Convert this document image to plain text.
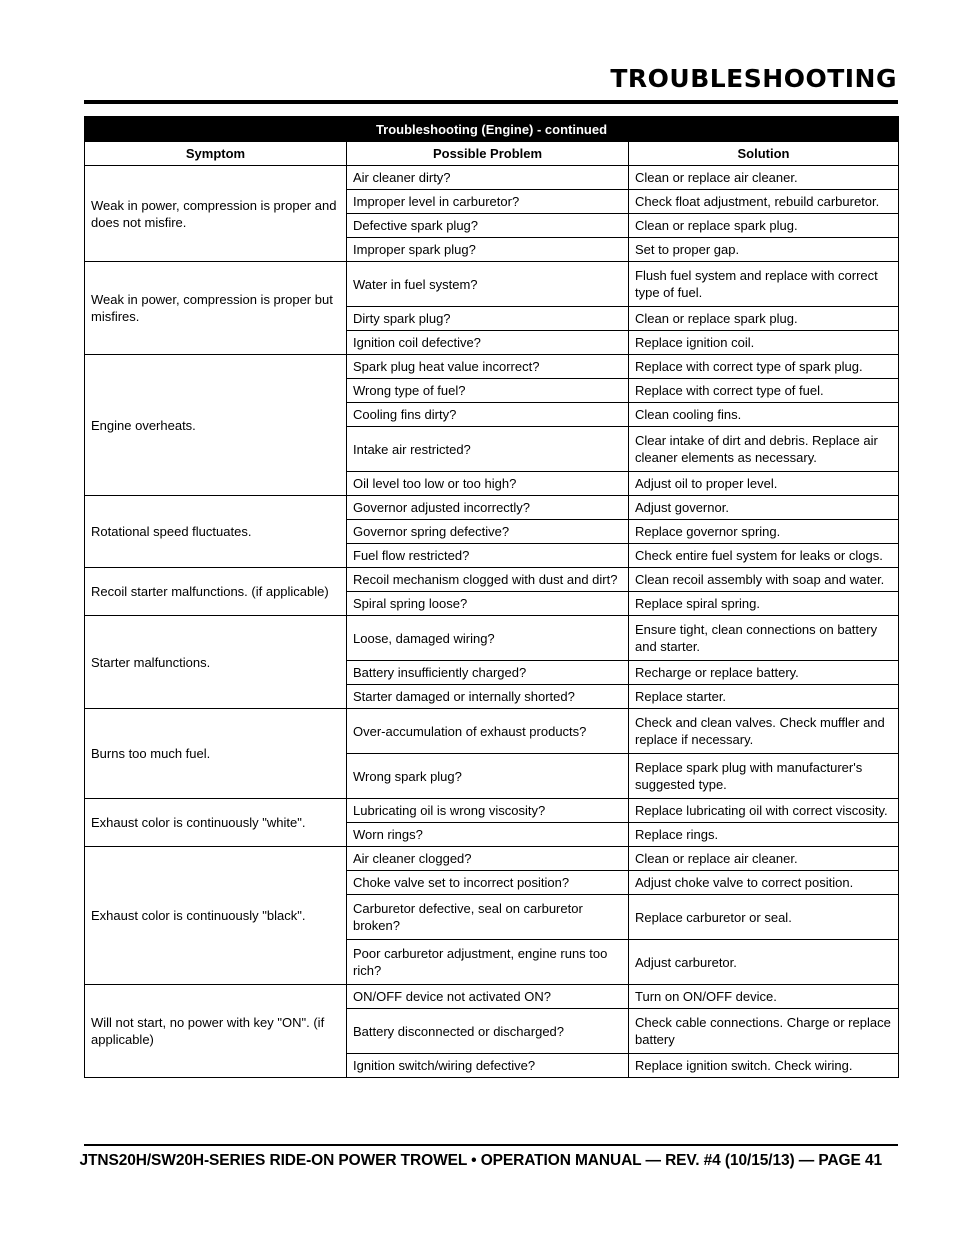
TROUBLESHOOTING
Troubleshooting (Engine) - continued		
Symptom	Possible Problem	Solution
Weak in power, compression is proper and does not misfire.	Air cleaner dirty?	Clean or replace air cleaner.
	Improper level in carburetor?	Check float adjustment, rebuild carburetor.
	Defective spark plug?	Clean or replace spark plug.
	Improper spark plug?	Set to proper gap.
Weak in power, compression is proper but misfires.	Water in fuel system?	Flush fuel system and replace with correct type of fuel.
	Dirty spark plug?	Clean or replace spark plug.
	Ignition coil defective?	Replace ignition coil.
Engine overheats.	Spark plug heat value incorrect?	Replace with correct type of spark plug.
	Wrong type of fuel?	Replace with correct type of fuel.
	Cooling fins dirty?	Clean cooling fins.
	Intake air restricted?	Clear intake of dirt and debris. Replace air cleaner elements as necessary.
	Oil level too low or too high?	Adjust oil to proper level.
Rotational speed fluctuates.	Governor adjusted incorrectly?	Adjust governor.
	Governor spring defective?	Replace governor spring.
	Fuel flow restricted?	Check entire fuel system for leaks or clogs.
Recoil starter malfunctions. (if applicable)	Recoil mechanism clogged with dust and dirt?	Clean recoil assembly with soap and water.
	Spiral spring loose?	Replace spiral spring.
Starter malfunctions.	Loose, damaged wiring?	Ensure tight, clean connections on battery and starter.
	Battery insufficiently charged?	Recharge or replace battery.
	Starter damaged or internally shorted?	Replace starter.
Burns too much fuel.	Over-accumulation of exhaust products?	Check and clean valves. Check muffler and replace if necessary.
	Wrong spark plug?	Replace spark plug with manufacturer's suggested type.
Exhaust color is continuously "white".	Lubricating oil is wrong viscosity?	Replace lubricating oil with correct viscosity.
	Worn rings?	Replace rings.
Exhaust color is continuously "black".	Air cleaner clogged?	Clean or replace air cleaner.
	Choke valve set to incorrect position?	Adjust choke valve to correct position.
	Carburetor defective, seal on carburetor broken?	Replace carburetor or seal.
	Poor carburetor adjustment, engine runs too rich?	Adjust carburetor.
Will not start, no power with key "ON". (if applicable)	ON/OFF device not activated ON?	Turn on ON/OFF device.
	Battery disconnected or discharged?	Check cable connections. Charge or replace battery
	Ignition switch/wiring defective?	Replace ignition switch. Check wiring.

JTNS20H/SW20H-SERIES RIDE-ON POWER TROWEL • OPERATION MANUAL — REV. #4 (10/15/13) — PAGE 41
